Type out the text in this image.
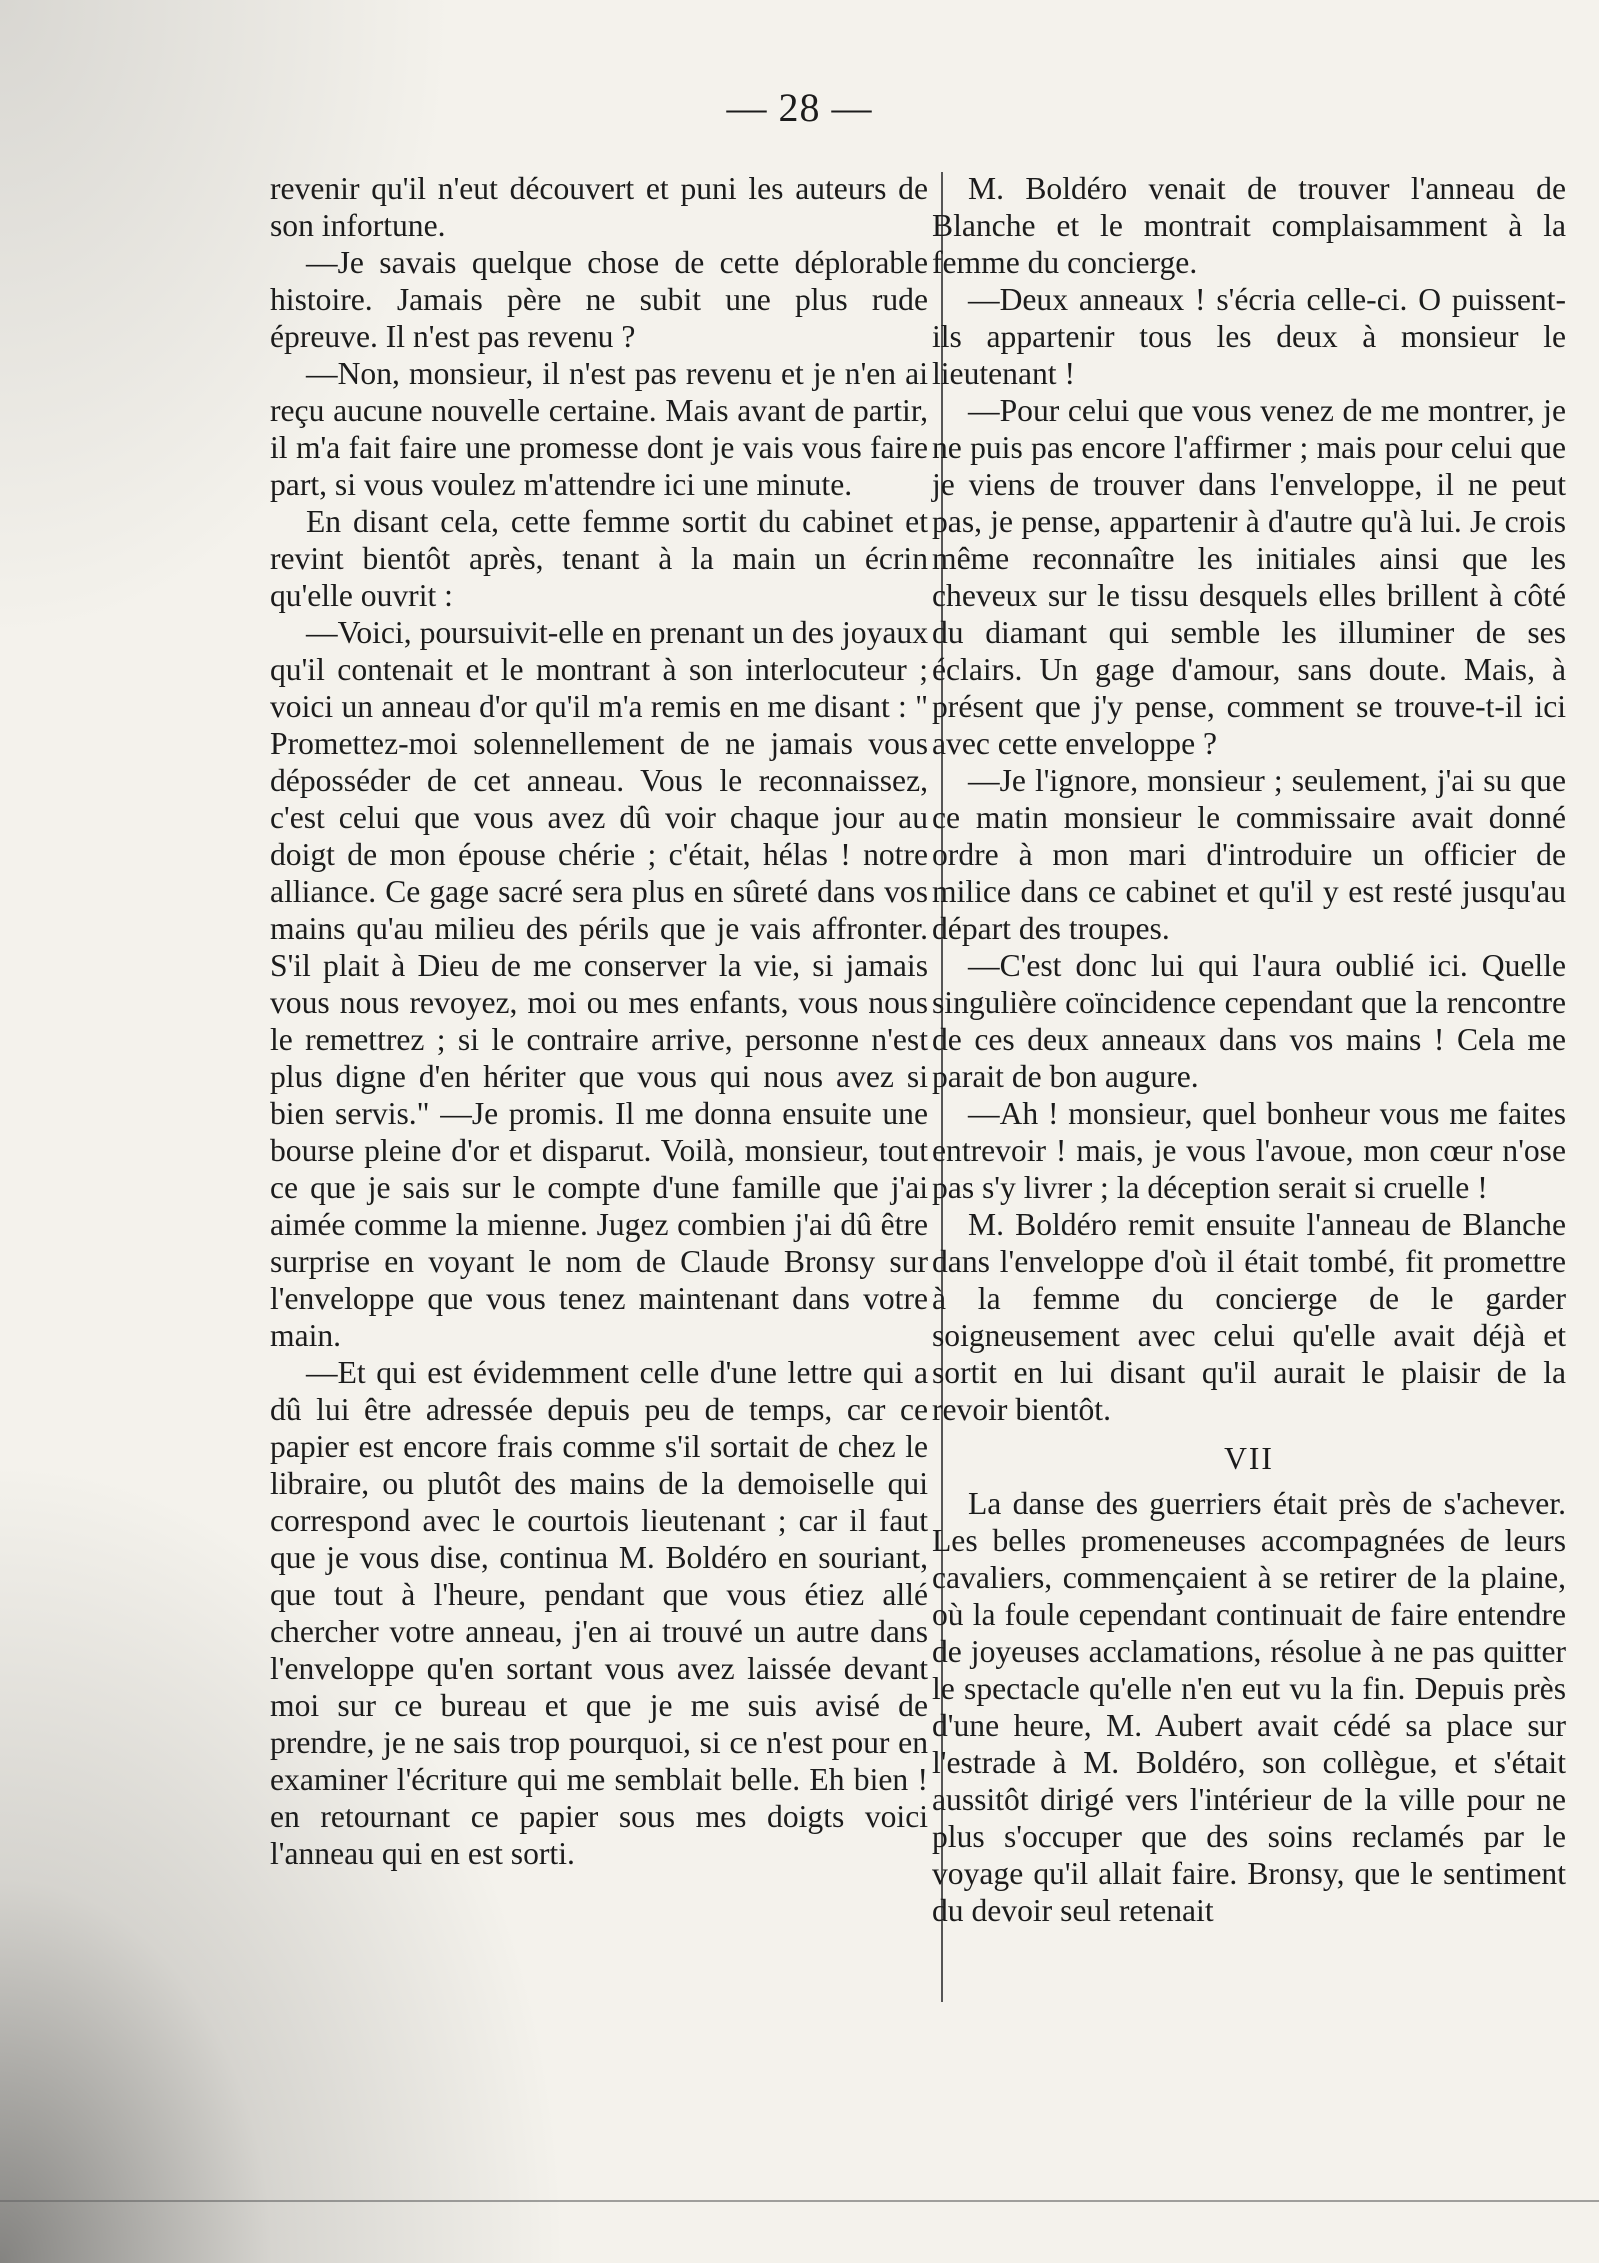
— 28 —

revenir qu'il n'eut découvert et puni les auteurs de son infortune.

—Je savais quelque chose de cette déplorable histoire. Jamais père ne subit une plus rude épreuve. Il n'est pas revenu ?

—Non, monsieur, il n'est pas revenu et je n'en ai reçu aucune nouvelle certaine. Mais avant de partir, il m'a fait faire une promesse dont je vais vous faire part, si vous voulez m'attendre ici une minute.

En disant cela, cette femme sortit du cabinet et revint bientôt après, tenant à la main un écrin qu'elle ouvrit :

—Voici, poursuivit-elle en prenant un des joyaux qu'il contenait et le montrant à son interlocuteur ; voici un anneau d'or qu'il m'a remis en me disant : " Promettez-moi solennellement de ne jamais vous déposséder de cet anneau. Vous le reconnaissez, c'est celui que vous avez dû voir chaque jour au doigt de mon épouse chérie ; c'était, hélas ! notre alliance. Ce gage sacré sera plus en sûreté dans vos mains qu'au milieu des périls que je vais affronter. S'il plait à Dieu de me conserver la vie, si jamais vous nous revoyez, moi ou mes enfants, vous nous le remettrez ; si le contraire arrive, personne n'est plus digne d'en hériter que vous qui nous avez si bien servis." —Je promis. Il me donna ensuite une bourse pleine d'or et disparut. Voilà, monsieur, tout ce que je sais sur le compte d'une famille que j'ai aimée comme la mienne. Jugez combien j'ai dû être surprise en voyant le nom de Claude Bronsy sur l'enveloppe que vous tenez maintenant dans votre main.

—Et qui est évidemment celle d'une lettre qui a dû lui être adressée depuis peu de temps, car ce papier est encore frais comme s'il sortait de chez le libraire, ou plutôt des mains de la demoiselle qui correspond avec le courtois lieutenant ; car il faut que je vous dise, continua M. Boldéro en souriant, que tout à l'heure, pendant que vous étiez allé chercher votre anneau, j'en ai trouvé un autre dans l'enveloppe qu'en sortant vous avez laissée devant moi sur ce bureau et que je me suis avisé de prendre, je ne sais trop pourquoi, si ce n'est pour en examiner l'écriture qui me semblait belle. Eh bien ! en retournant ce papier sous mes doigts voici l'anneau qui en est sorti.

M. Boldéro venait de trouver l'anneau de Blanche et le montrait complaisamment à la femme du concierge.

—Deux anneaux ! s'écria celle-ci. O puissent-ils appartenir tous les deux à monsieur le lieutenant !

—Pour celui que vous venez de me montrer, je ne puis pas encore l'affirmer ; mais pour celui que je viens de trouver dans l'enveloppe, il ne peut pas, je pense, appartenir à d'autre qu'à lui. Je crois même reconnaître les initiales ainsi que les cheveux sur le tissu desquels elles brillent à côté du diamant qui semble les illuminer de ses éclairs. Un gage d'amour, sans doute. Mais, à présent que j'y pense, comment se trouve-t-il ici avec cette enveloppe ?

—Je l'ignore, monsieur ; seulement, j'ai su que ce matin monsieur le commissaire avait donné ordre à mon mari d'introduire un officier de milice dans ce cabinet et qu'il y est resté jusqu'au départ des troupes.

—C'est donc lui qui l'aura oublié ici. Quelle singulière coïncidence cependant que la rencontre de ces deux anneaux dans vos mains ! Cela me parait de bon augure.

—Ah ! monsieur, quel bonheur vous me faites entrevoir ! mais, je vous l'avoue, mon cœur n'ose pas s'y livrer ; la déception serait si cruelle !

M. Boldéro remit ensuite l'anneau de Blanche dans l'enveloppe d'où il était tombé, fit promettre à la femme du concierge de le garder soigneusement avec celui qu'elle avait déjà et sortit en lui disant qu'il aurait le plaisir de la revoir bientôt.

VII

La danse des guerriers était près de s'achever. Les belles promeneuses accompagnées de leurs cavaliers, commençaient à se retirer de la plaine, où la foule cependant continuait de faire entendre de joyeuses acclamations, résolue à ne pas quitter le spectacle qu'elle n'en eut vu la fin. Depuis près d'une heure, M. Aubert avait cédé sa place sur l'estrade à M. Boldéro, son collègue, et s'était aussitôt dirigé vers l'intérieur de la ville pour ne plus s'occuper que des soins reclamés par le voyage qu'il allait faire. Bronsy, que le sentiment du devoir seul retenait
